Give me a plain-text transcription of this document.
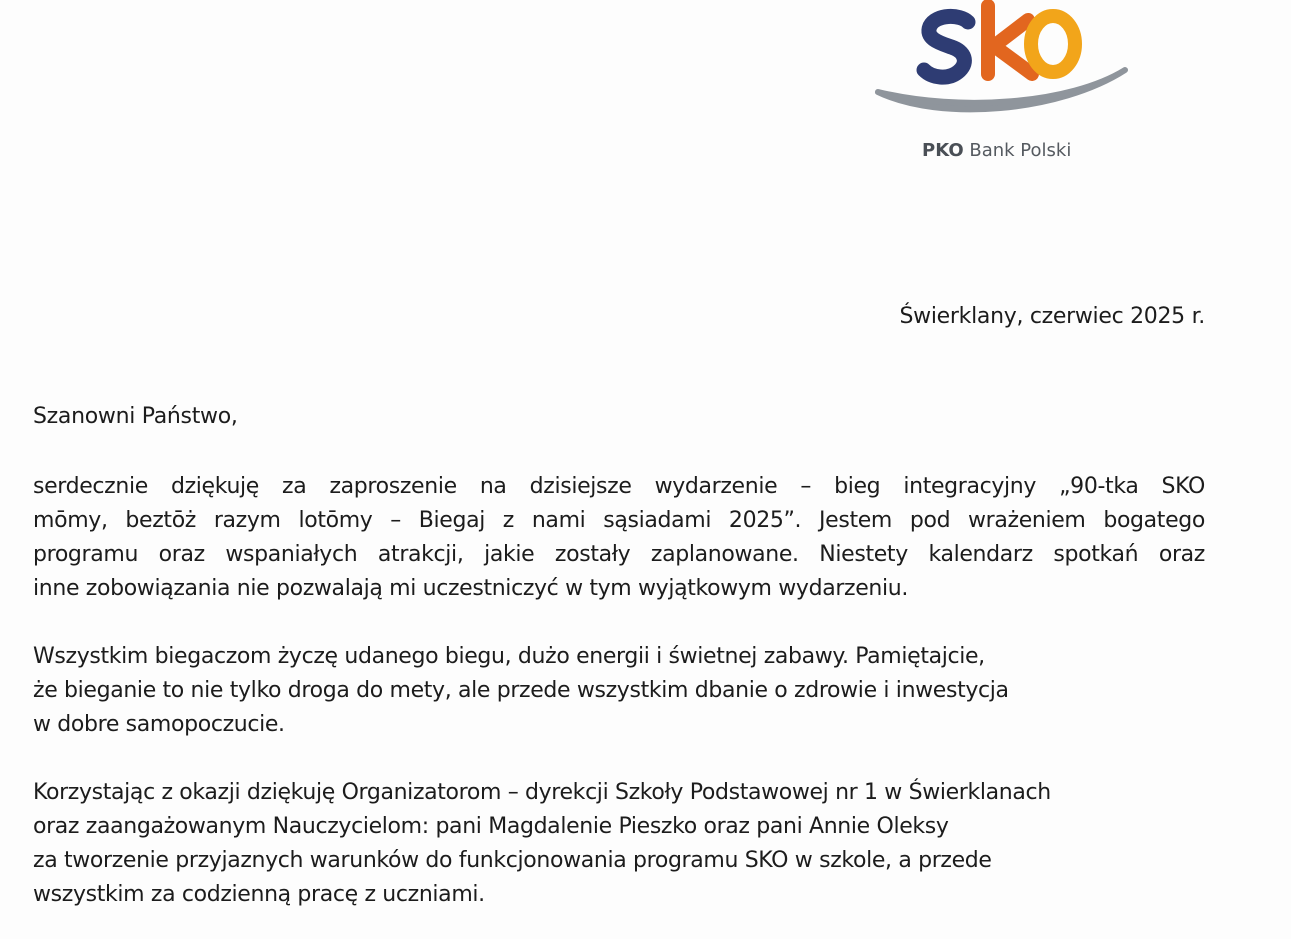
PKO Bank Polski
Świerklany, czerwiec 2025 r.
Szanowni Państwo,
serdecznie dziękuję za zaproszenie na dzisiejsze wydarzenie – bieg integracyjny „90-tka SKO
mōmy, beztōż razym lotōmy – Biegaj z nami sąsiadami 2025”. Jestem pod wrażeniem bogatego
programu oraz wspaniałych atrakcji, jakie zostały zaplanowane. Niestety kalendarz spotkań oraz
inne zobowiązania nie pozwalają mi uczestniczyć w tym wyjątkowym wydarzeniu.
Wszystkim biegaczom życzę udanego biegu, dużo energii i świetnej zabawy. Pamiętajcie,
że bieganie to nie tylko droga do mety, ale przede wszystkim dbanie o zdrowie i inwestycja
w dobre samopoczucie.
Korzystając z okazji dziękuję Organizatorom – dyrekcji Szkoły Podstawowej nr 1 w Świerklanach
oraz zaangażowanym Nauczycielom: pani Magdalenie Pieszko oraz pani Annie Oleksy
za tworzenie przyjaznych warunków do funkcjonowania programu SKO w szkole, a przede
wszystkim za codzienną pracę z uczniami.
